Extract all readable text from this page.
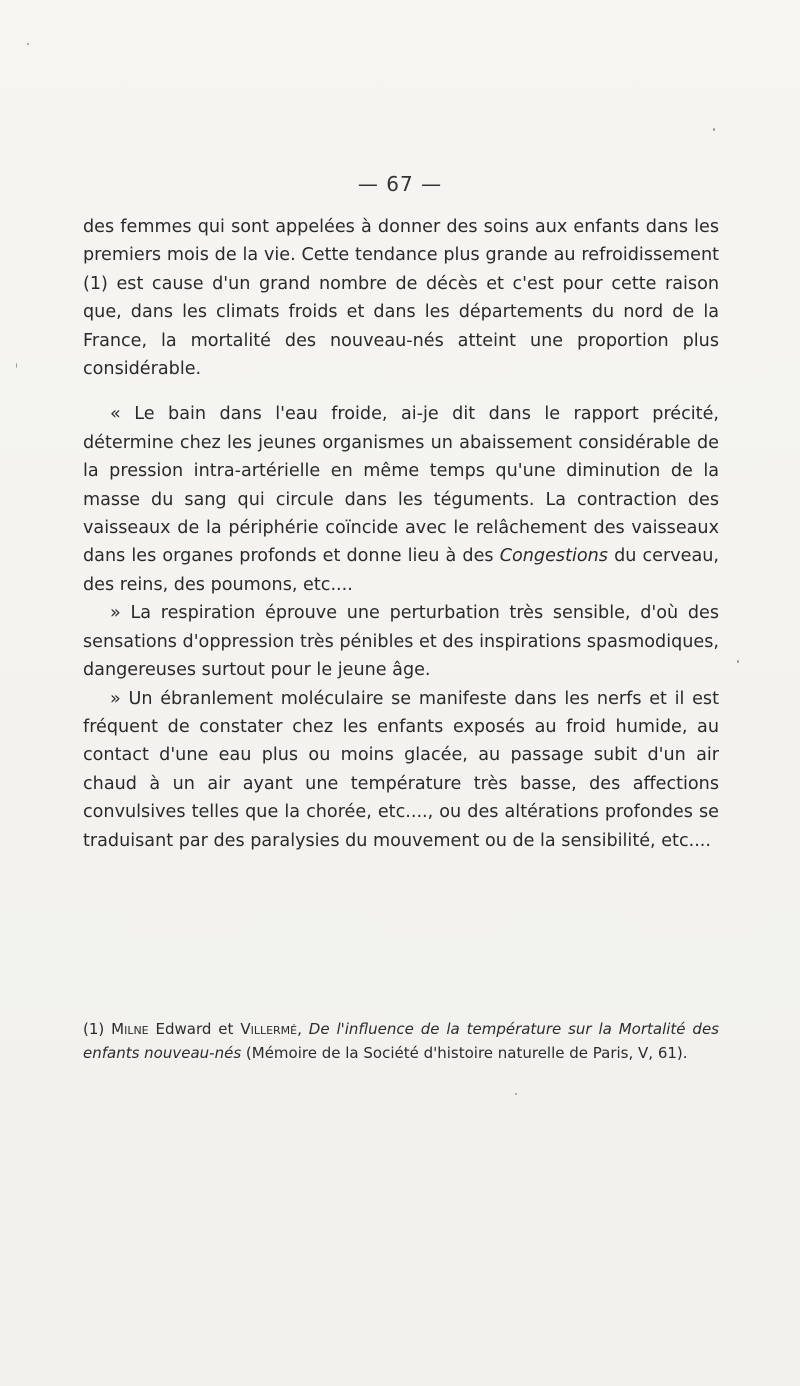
— 67 —

des femmes qui sont appelées à donner des soins aux enfants dans les premiers mois de la vie. Cette tendance plus grande au refroidissement (1) est cause d'un grand nombre de décès et c'est pour cette raison que, dans les climats froids et dans les départements du nord de la France, la mortalité des nouveau-nés atteint une proportion plus considérable.

« Le bain dans l'eau froide, ai-je dit dans le rapport précité, détermine chez les jeunes organismes un abaissement considérable de la pression intra-artérielle en même temps qu'une diminution de la masse du sang qui circule dans les téguments. La contraction des vaisseaux de la périphérie coïncide avec le relâchement des vaisseaux dans les organes profonds et donne lieu à des Congestions du cerveau, des reins, des poumons, etc....

» La respiration éprouve une perturbation très sensible, d'où des sensations d'oppression très pénibles et des inspirations spasmodiques, dangereuses surtout pour le jeune âge.

» Un ébranlement moléculaire se manifeste dans les nerfs et il est fréquent de constater chez les enfants exposés au froid humide, au contact d'une eau plus ou moins glacée, au passage subit d'un air chaud à un air ayant une température très basse, des affections convulsives telles que la chorée, etc...., ou des altérations profondes se traduisant par des paralysies du mouvement ou de la sensibilité, etc....

(1) Milne Edward et Villermé, De l'influence de la température sur la Mortalité des enfants nouveau-nés (Mémoire de la Société d'histoire naturelle de Paris, V, 61).
